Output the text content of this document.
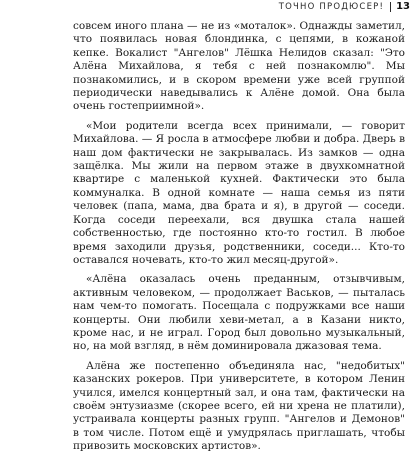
ТОЧНО ПРОДЮСЕР! 13

совсем иного плана — не из «моталок». Однажды заметил, что появилась новая блондинка, с цепями, в кожаной кепке. Вокалист "Ангелов" Лёшка Нелидов сказал: "Это Алёна Михайлова, я тебя с ней познакомлю". Мы познакомились, и в скором времени уже всей группой периодически наведывались к Алёне домой. Она была очень гостеприимной».

«Мои родители всегда всех принимали, — говорит Михайлова. — Я росла в атмосфере любви и добра. Дверь в наш дом фактически не закрывалась. Из замков — одна защёлка. Мы жили на первом этаже в двухкомнатной квартире с маленькой кухней. Фактически это была коммуналка. В одной комнате — наша семья из пяти человек (папа, мама, два брата и я), в другой — соседи. Когда соседи переехали, вся двушка стала нашей собственностью, где постоянно кто-то гостил. В любое время заходили друзья, родственники, соседи... Кто-то оставался ночевать, кто-то жил месяц-другой».

«Алёна оказалась очень преданным, отзывчивым, активным человеком, — продолжает Васьков, — пыталась нам чем-то помогать. Посещала с подружками все наши концерты. Они любили хеви-метал, а в Казани никто, кроме нас, и не играл. Город был довольно музыкальный, но, на мой взгляд, в нём доминировала джазовая тема.

Алёна же постепенно объединяла нас, "недобитых" казанских рокеров. При университете, в котором Ленин учился, имелся концертный зал, и она там, фактически на своём энтузиазме (скорее всего, ей ни хрена не платили), устраивала концерты разных групп. "Ангелов и Демонов" в том числе. Потом ещё и умудрялась приглашать, чтобы привозить московских артистов».
